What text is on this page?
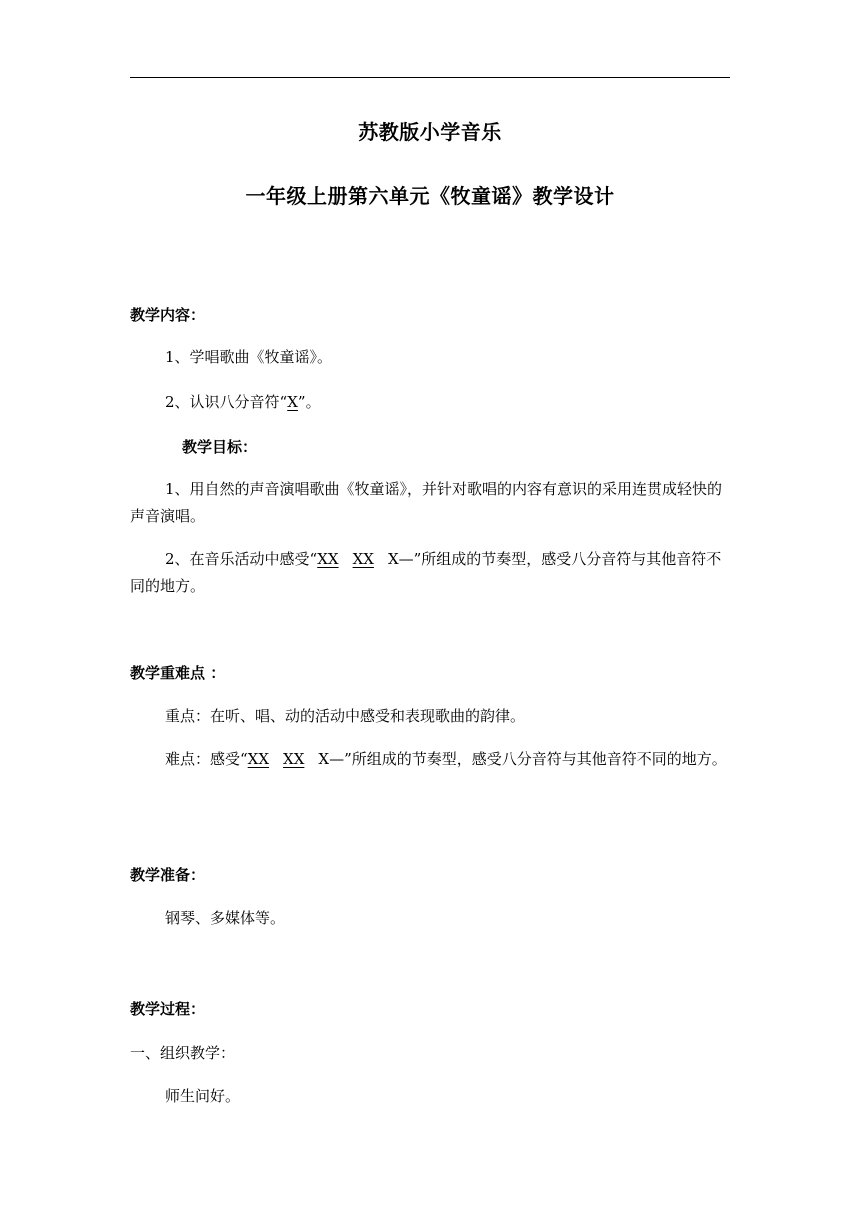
苏教版小学音乐
一年级上册第六单元《牧童谣》教学设计
教学内容：
1、学唱歌曲《牧童谣》。
2、认识八分音符“X”。
教学目标：
1、用自然的声音演唱歌曲《牧童谣》，并针对歌唱的内容有意识的采用连贯成轻快的声音演唱。
2、在音乐活动中感受“XX XX X—”所组成的节奏型，感受八分音符与其他音符不同的地方。
教学重难点 ：
重点：在听、唱、动的活动中感受和表现歌曲的韵律。
难点：感受“XX XX X—”所组成的节奏型，感受八分音符与其他音符不同的地方。
教学准备：
钢琴、多媒体等。
教学过程：
一、组织教学：
师生问好。
